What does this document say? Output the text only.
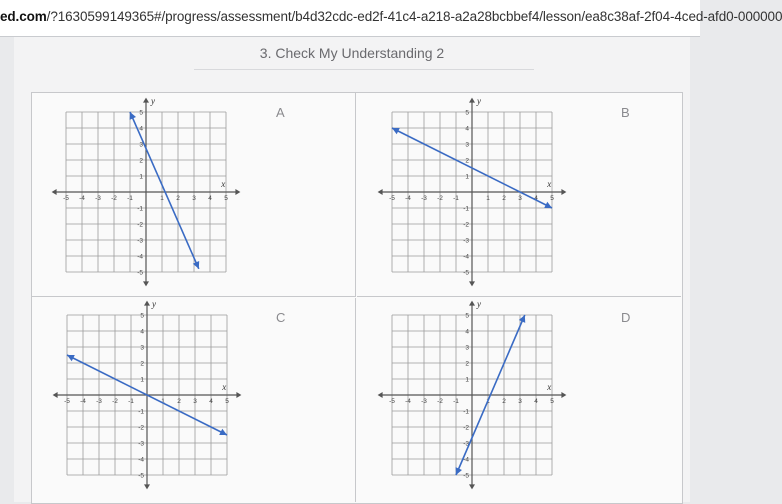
ed.com/?1630599149365#/progress/assessment/b4d32cdc-ed2f-41c4-a218-a2a28bcbbef4/lesson/ea8c38af-2f04-4ced-afd0-000000
3. Check My Understanding 2
-5 -4 -3 -2 -1	1 2 3 4 5
5
4
3
2
1
-1
-2
-3
-4
-5
x
y
A
-5 -4 -3 -2 -1	1 2 3 4 5
5
4
3
2
1
-1
-2
-3
-4
-5
x
y
B
-5 -4 -3 -2 -1	1 2 3 4 5
5
4
3
2
1
-1
-2
-3
-4
-5
x
y
C
-5 -4 -3 -2 -1	1 2 3 4 5
5
4
3
2
1
-1
-2
-3
-4
-5
x
y
D
